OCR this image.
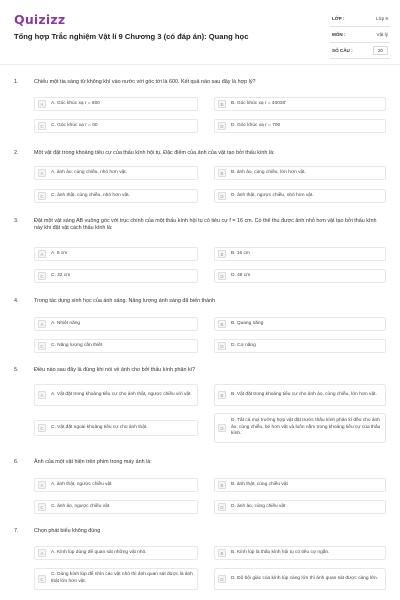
Quizizz
Tổng hợp Trắc nghiệm Vật lí 9 Chương 3 (có đáp án): Quang học
LỚP :	Lớp 9
MÔN :	Vật lý
SỐ CÂU :	20
1.	Chiếu một tia sáng từ không khí vào nước với góc tới là 600. Kết quả nào sau đây là hợp lý?
A	A. Góc khúc xạ r = 600	B	B. Góc khúc xạ r = 40030'
C	C. Góc khúc xạ r = 00	D	D. Góc khúc xạ r = 700
2.	Một vật đặt trong khoảng tiêu cự của thấu kính hội tụ. Đặc điểm của ảnh của vật tạo bởi thấu kính là:
A	A. ảnh ảo, cùng chiều, nhỏ hơn vật.	B	B. ảnh ảo, cùng chiều, lớn hơn vật.
C	C. ảnh thật, cùng chiều, nhỏ hơn vật.	D	D. ảnh thật, ngược chiều, nhỏ hơn vật.
3.	Đặt một vật sáng AB vuông góc với trục chính của một thấu kính hội tụ có tiêu cự f = 16 cm. Có thể thu được ảnh nhỏ hơn vật tạo bởi thấu kính này khi đặt vật cách thấu kính là:
A	A. 8 cm	B	B. 16 cm
C	C. 32 cm	D	D. 48 cm
4.	Trong tác dụng sinh học của ánh sáng. Năng lượng ánh sáng đã biến thành
A	A. Nhiệt năng	B	B. Quang năng
C	C. Năng lượng cần thiết	D	D. Cơ năng
5.	Điều nào sau đây là đúng khi nói về ảnh cho bởi thấu kính phân kì?
A	A. Vật đặt trong khoảng tiêu cự cho ảnh thật, ngược chiều với vật.	B	B. Vật đặt trong khoảng tiêu cự cho ảnh ảo, cùng chiều, lớn hơn vật.
C	C. Vật đặt ngoài khoảng tiêu cự cho ảnh thật.	D
D. Tất cả mọi trường hợp vật đặt trước thấu kính phân kì đều cho ảnh ảo, cùng chiều, bé hơn vật và luôn nằm trong khoảng tiêu cự của thấu kính.
6.	Ảnh của một vật hiện trên phim trong máy ảnh là:
A	A. ảnh thật, ngược chiều vật	B	B. ảnh thật, cùng chiều vật
C	C. ảnh ảo, ngược chiều vật	D	D. ảnh ảo, cùng chiều vật
7.	Chọn phát biểu không đúng
A	A. Kính lúp dùng để quan sát những vật nhỏ.	B	B. Kính lúp là thấu kính hội tụ có tiêu cự ngắn.
C
C. Dùng kính lúp để nhìn các vật nhỏ thì ảnh quan sát được là ảnh thật lớn hơn vật.	D	D. Độ bội giác của kính lúp càng lớn thì ảnh quan sát được càng lớn.
